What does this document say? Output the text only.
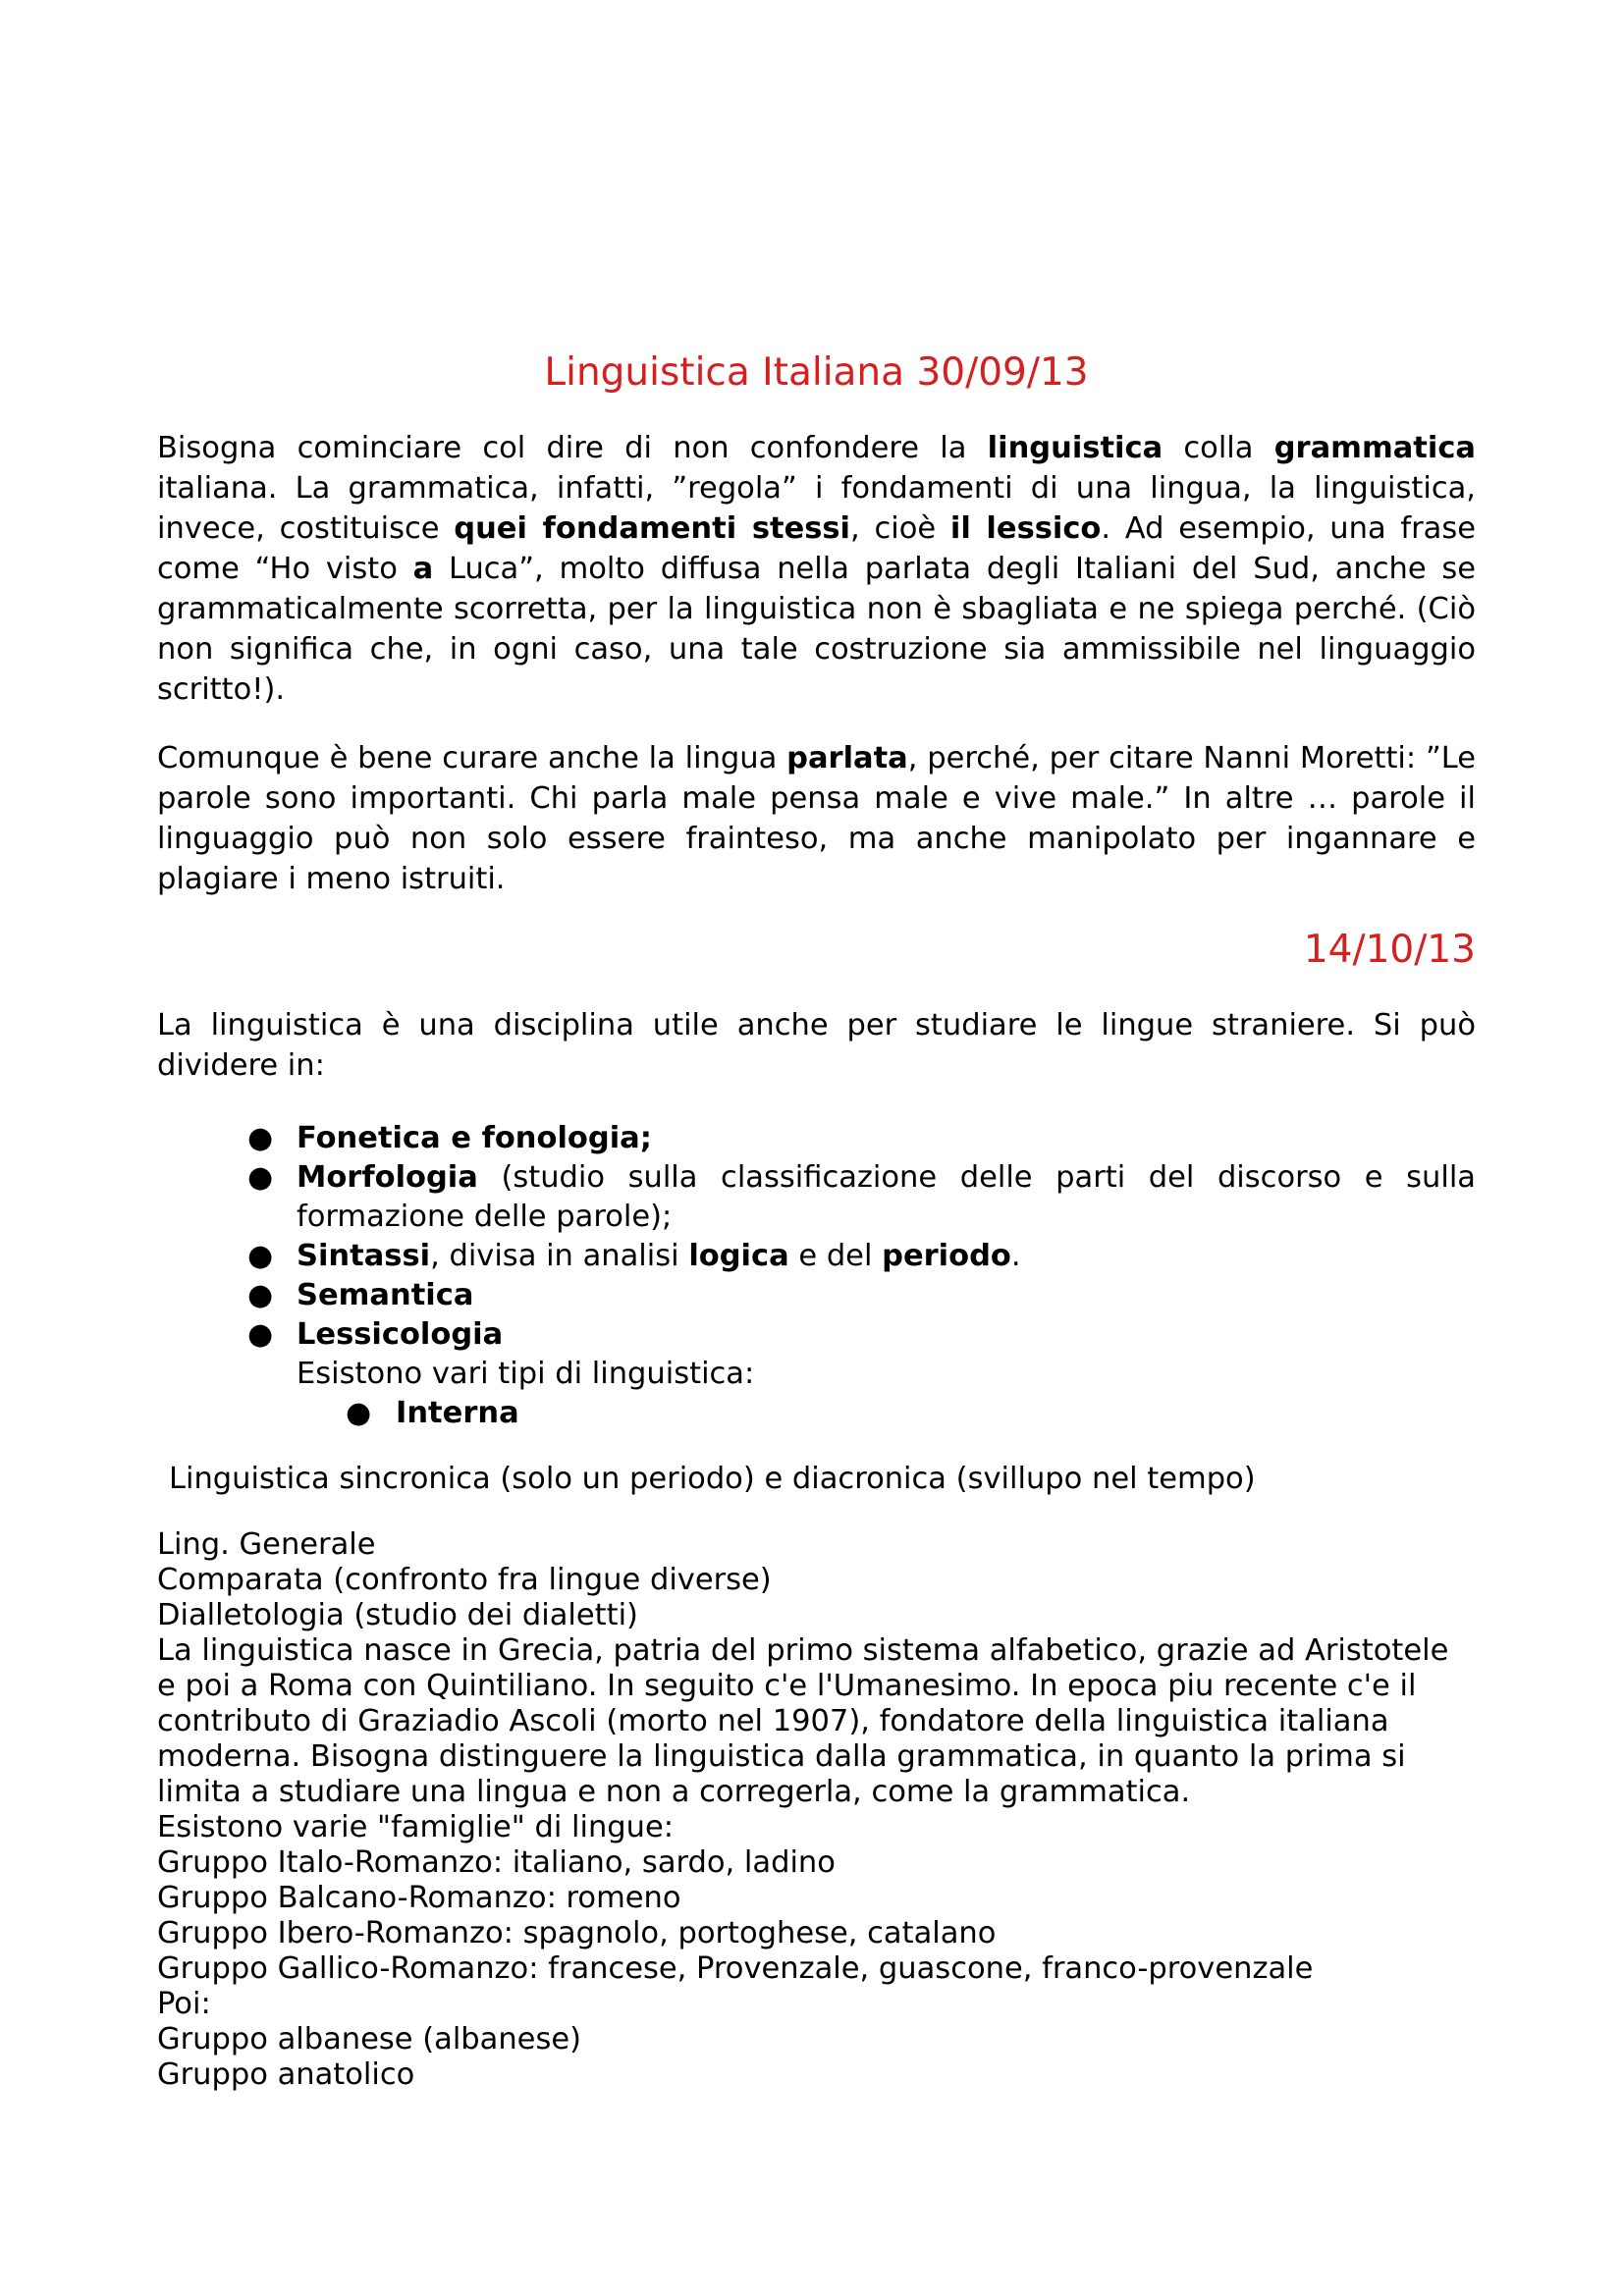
Linguistica Italiana 30/09/13

Bisogna cominciare col dire di non confondere la linguistica colla grammatica italiana. La grammatica, infatti, ”regola” i fondamenti di una lingua, la linguistica, invece, costituisce quei fondamenti stessi, cioè il lessico. Ad esempio, una frase come “Ho visto a Luca”, molto diffusa nella parlata degli Italiani del Sud, anche se grammaticalmente scorretta, per la linguistica non è sbagliata e ne spiega perché. (Ciò non significa che, in ogni caso, una tale costruzione sia ammissibile nel linguaggio scritto!).

Comunque è bene curare anche la lingua parlata, perché, per citare Nanni Moretti: ”Le parole sono importanti. Chi parla male pensa male e vive male.” In altre … parole il linguaggio può non solo essere frainteso, ma anche manipolato per ingannare e plagiare i meno istruiti.

14/10/13

La linguistica è una disciplina utile anche per studiare le lingue straniere. Si può dividere in:

● Fonetica e fonologia;
● Morfologia (studio sulla classificazione delle parti del discorso e sulla formazione delle parole);
● Sintassi, divisa in analisi logica e del periodo.
● Semantica
● Lessicologia
Esistono vari tipi di linguistica:
● Interna

Linguistica sincronica (solo un periodo) e diacronica (svillupo nel tempo)

Ling. Generale

Comparata (confronto fra lingue diverse)

Dialletologia (studio dei dialetti)

La linguistica nasce in Grecia, patria del primo sistema alfabetico, grazie ad Aristotele

e poi a Roma con Quintiliano. In seguito c'e l'Umanesimo. In epoca piu recente c'e il

contributo di Graziadio Ascoli (morto nel 1907), fondatore della linguistica italiana

moderna. Bisogna distinguere la linguistica dalla grammatica, in quanto la prima si

limita a studiare una lingua e non a corregerla, come la grammatica.

Esistono varie "famiglie" di lingue:

Gruppo Italo-Romanzo: italiano, sardo, ladino

Gruppo Balcano-Romanzo: romeno

Gruppo Ibero-Romanzo: spagnolo, portoghese, catalano

Gruppo Gallico-Romanzo: francese, Provenzale, guascone, franco-provenzale

Poi:

Gruppo albanese (albanese)

Gruppo anatolico
